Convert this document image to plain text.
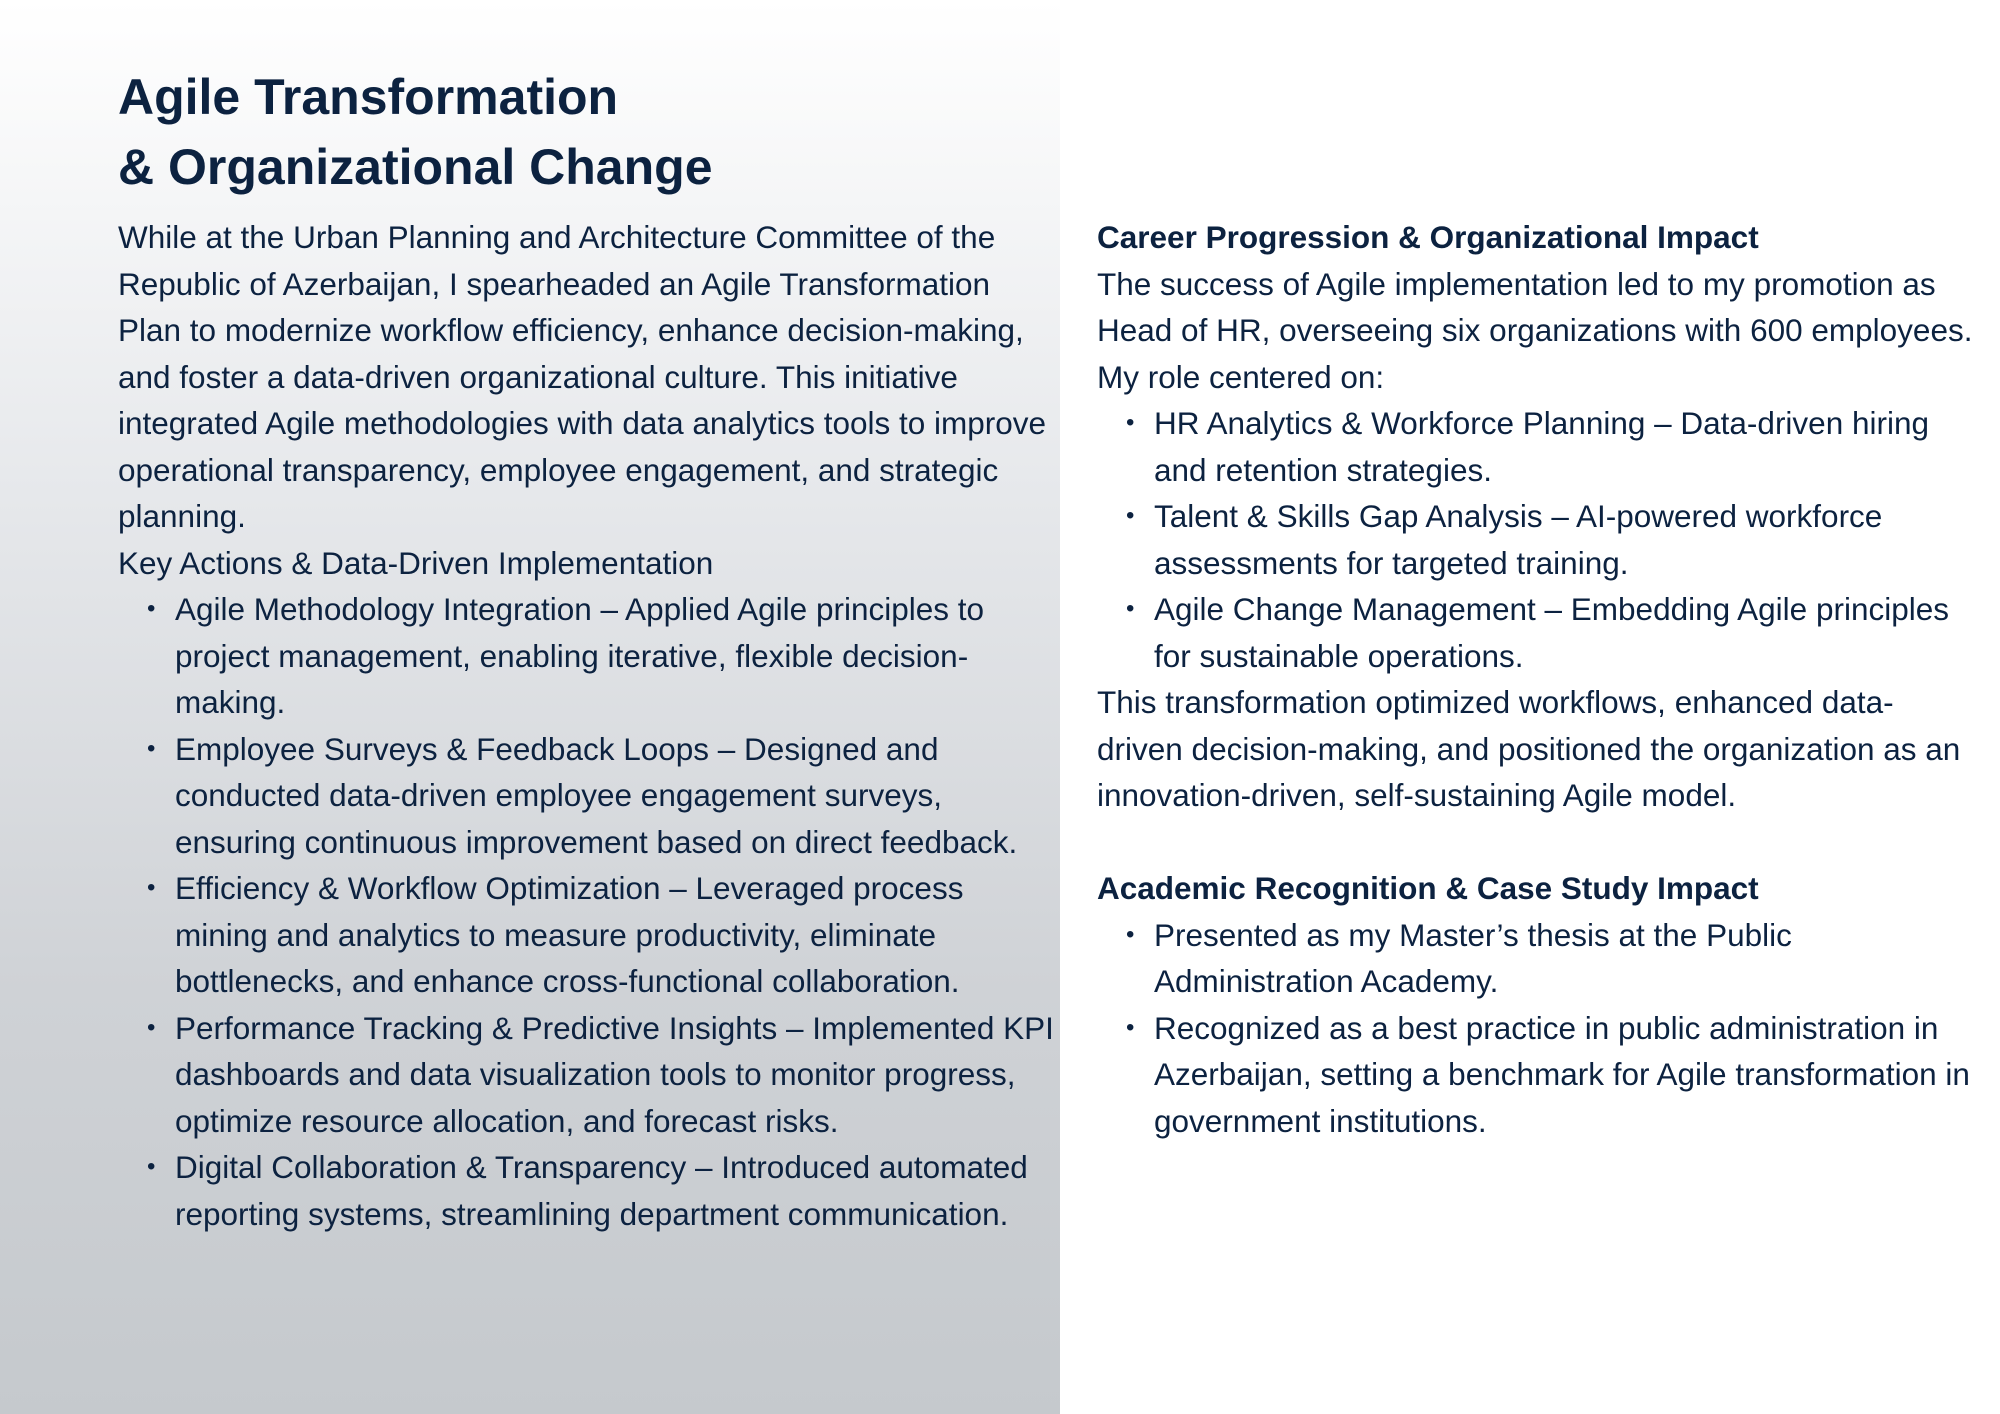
Agile Transformation
& Organizational Change

While at the Urban Planning and Architecture Committee of the Republic of Azerbaijan, I spearheaded an Agile Transformation Plan to modernize workflow efficiency, enhance decision-making, and foster a data-driven organizational culture. This initiative integrated Agile methodologies with data analytics tools to improve operational transparency, employee engagement, and strategic planning.

Key Actions & Data-Driven Implementation

• Agile Methodology Integration – Applied Agile principles to project management, enabling iterative, flexible decision-making.
• Employee Surveys & Feedback Loops – Designed and conducted data-driven employee engagement surveys, ensuring continuous improvement based on direct feedback.
• Efficiency & Workflow Optimization – Leveraged process mining and analytics to measure productivity, eliminate bottlenecks, and enhance cross-functional collaboration.
• Performance Tracking & Predictive Insights – Implemented KPI dashboards and data visualization tools to monitor progress, optimize resource allocation, and forecast risks.
• Digital Collaboration & Transparency – Introduced automated reporting systems, streamlining department communication.

Career Progression & Organizational Impact

The success of Agile implementation led to my promotion as Head of HR, overseeing six organizations with 600 employees. My role centered on:

• HR Analytics & Workforce Planning – Data-driven hiring and retention strategies.
• Talent & Skills Gap Analysis – AI-powered workforce assessments for targeted training.
• Agile Change Management – Embedding Agile principles for sustainable operations.

This transformation optimized workflows, enhanced data-driven decision-making, and positioned the organization as an innovation-driven, self-sustaining Agile model.

Academic Recognition & Case Study Impact

• Presented as my Master’s thesis at the Public Administration Academy.
• Recognized as a best practice in public administration in Azerbaijan, setting a benchmark for Agile transformation in government institutions.
